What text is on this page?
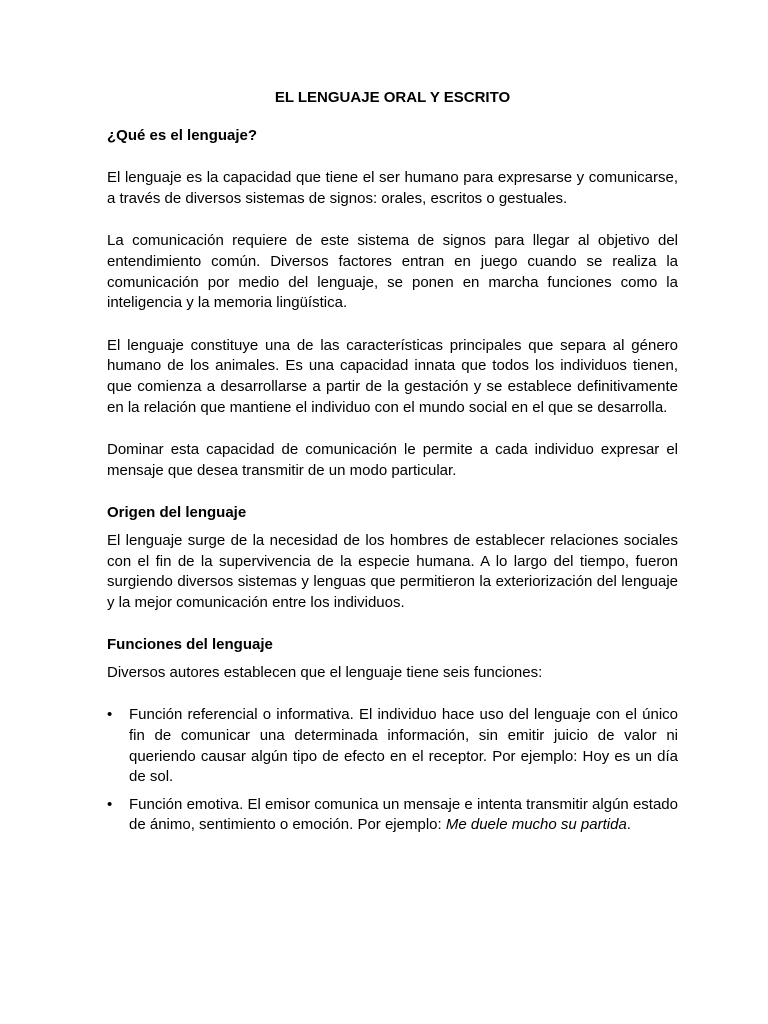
EL LENGUAJE ORAL Y ESCRITO
¿Qué es el lenguaje?

El lenguaje es la capacidad que tiene el ser humano para expresarse y comunicarse, a través de diversos sistemas de signos: orales, escritos o gestuales.

La comunicación requiere de este sistema de signos para llegar al objetivo del entendimiento común. Diversos factores entran en juego cuando se realiza la comunicación por medio del lenguaje, se ponen en marcha funciones como la inteligencia y la memoria lingüística.

El lenguaje constituye una de las características principales que separa al género humano de los animales. Es una capacidad innata que todos los individuos tienen, que comienza a desarrollarse a partir de la gestación y se establece definitivamente en la relación que mantiene el individuo con el mundo social en el que se desarrolla.

Dominar esta capacidad de comunicación le permite a cada individuo expresar el mensaje que desea transmitir de un modo particular.

Origen del lenguaje

El lenguaje surge de la necesidad de los hombres de establecer relaciones sociales con el fin de la supervivencia de la especie humana. A lo largo del tiempo, fueron surgiendo diversos sistemas y lenguas que permitieron la exteriorización del lenguaje y la mejor comunicación entre los individuos.

Funciones del lenguaje

Diversos autores establecen que el lenguaje tiene seis funciones:

• Función referencial o informativa. El individuo hace uso del lenguaje con el único fin de comunicar una determinada información, sin emitir juicio de valor ni queriendo causar algún tipo de efecto en el receptor. Por ejemplo: Hoy es un día de sol.
• Función emotiva. El emisor comunica un mensaje e intenta transmitir algún estado de ánimo, sentimiento o emoción. Por ejemplo: Me duele mucho su partida.
